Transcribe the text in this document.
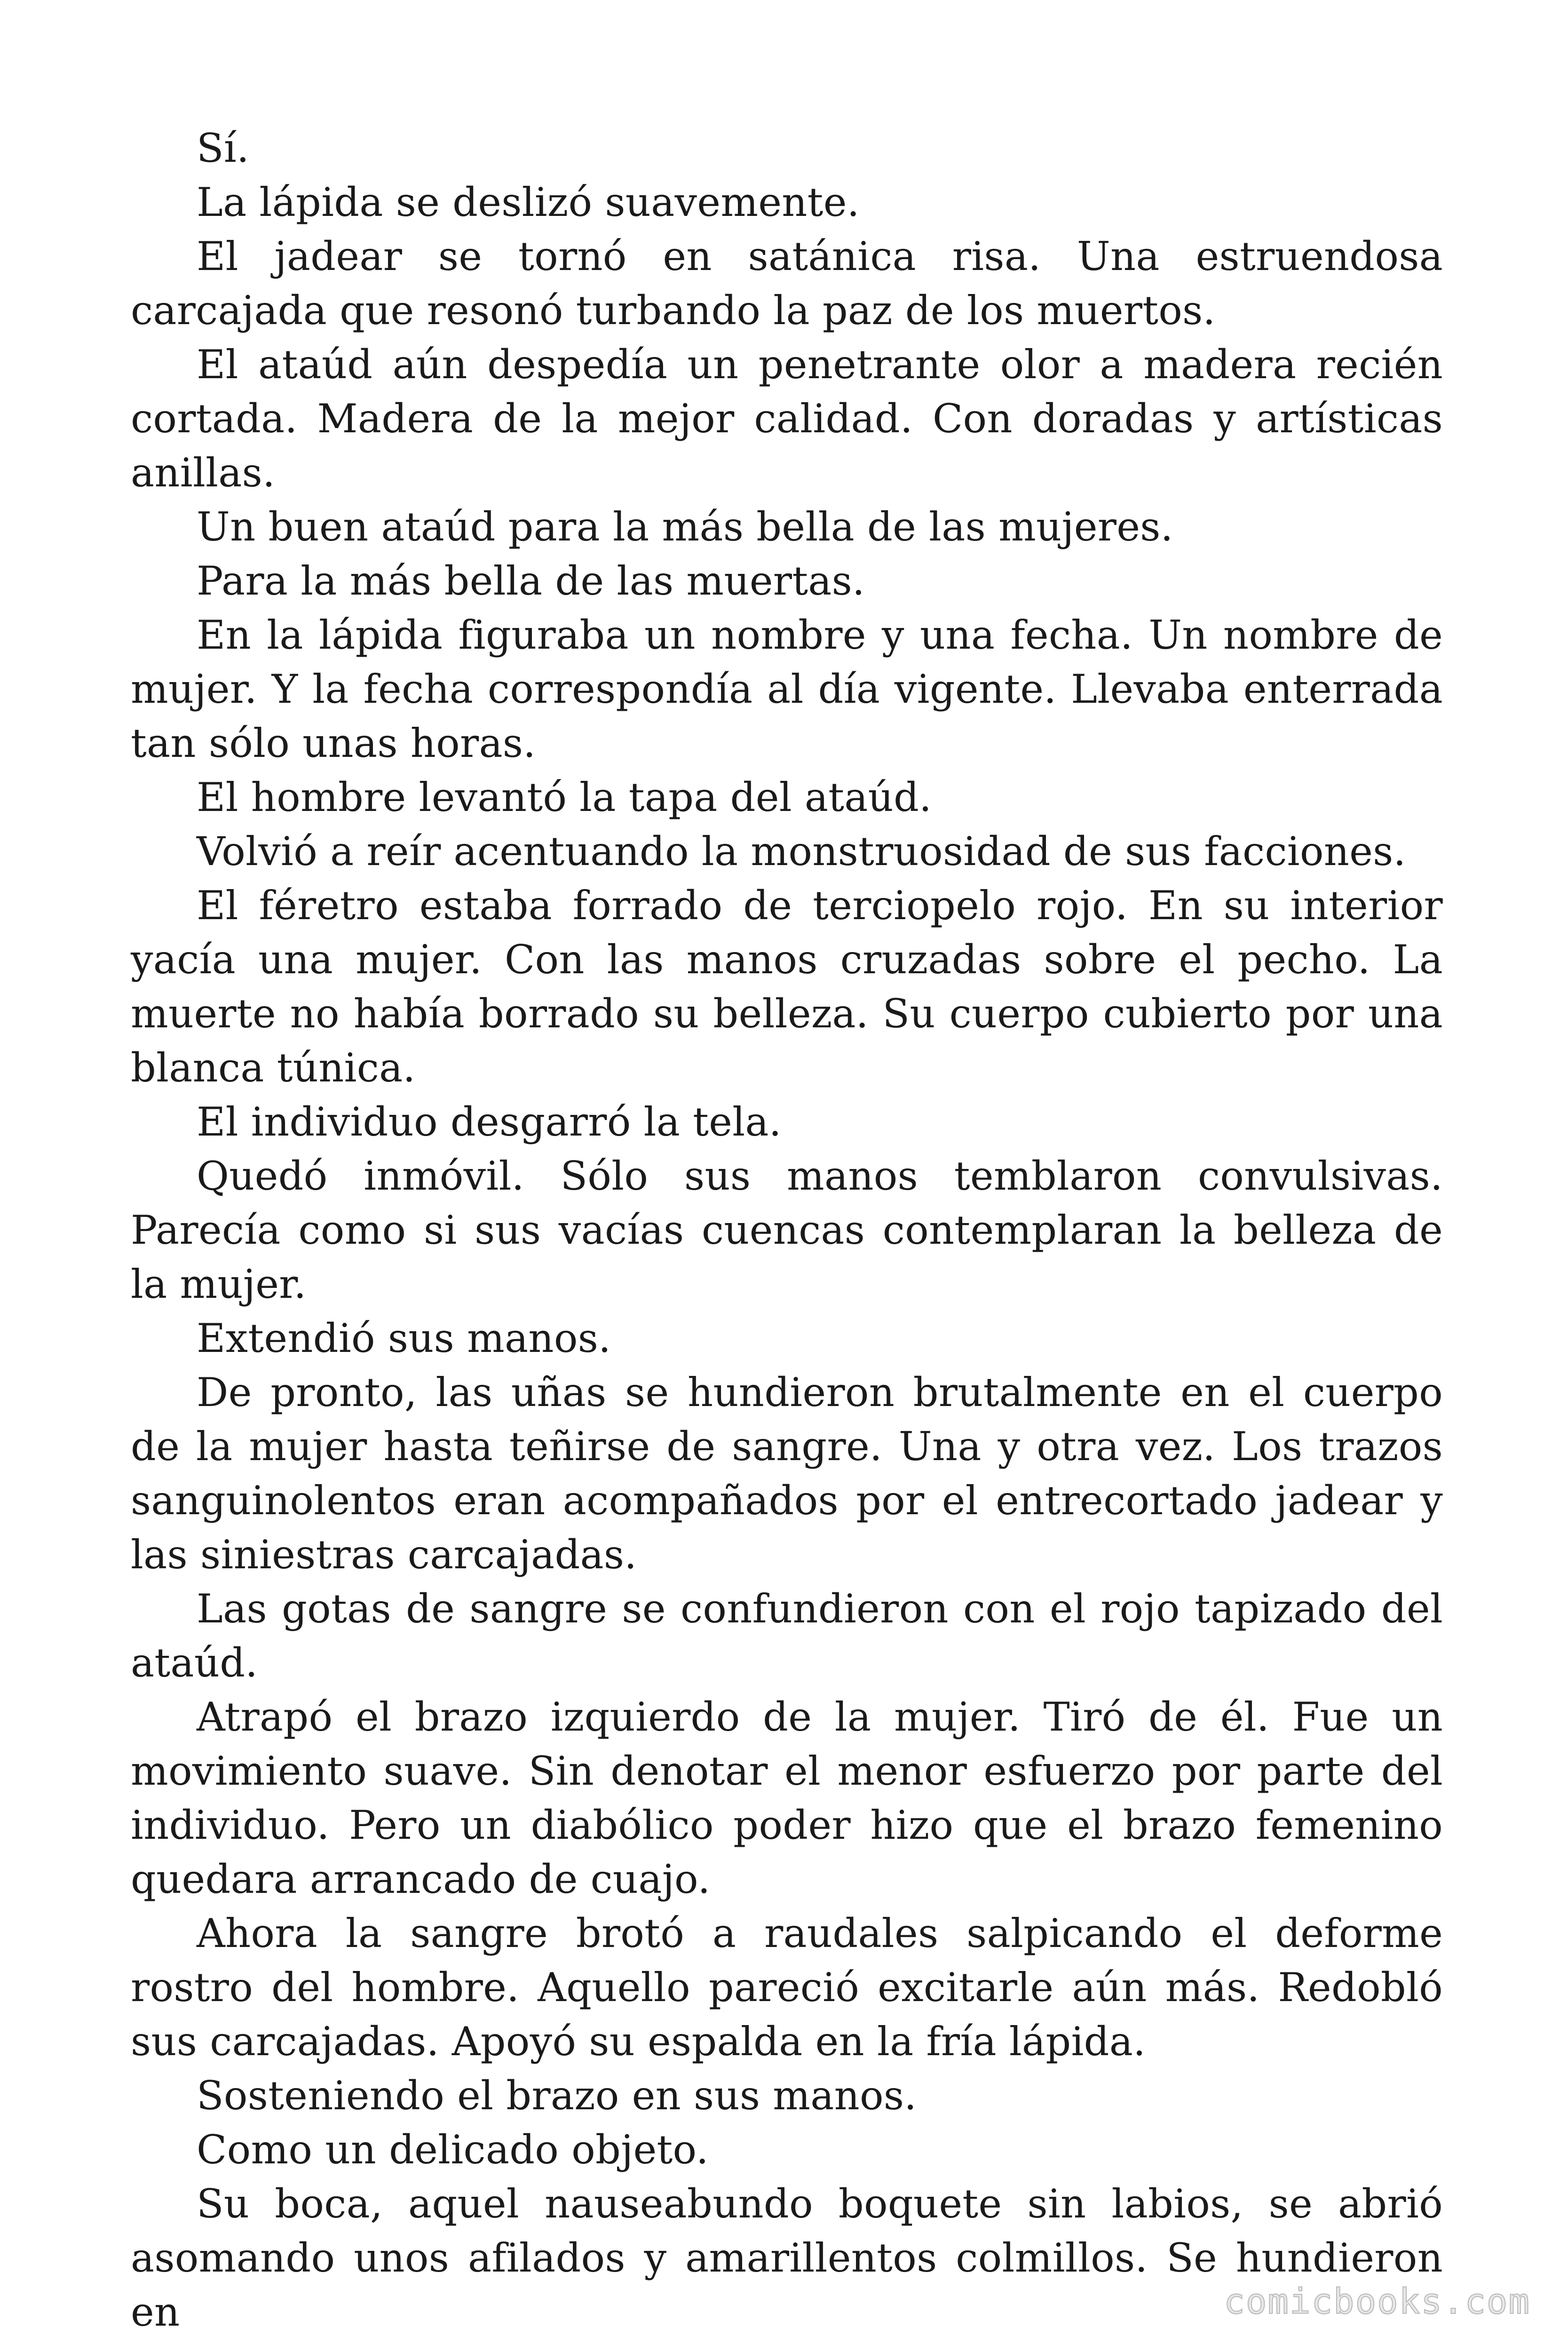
Sí.

La lápida se deslizó suavemente.

El jadear se tornó en satánica risa. Una estruendosa carcajada que resonó turbando la paz de los muertos.

El ataúd aún despedía un penetrante olor a madera recién cortada. Madera de la mejor calidad. Con doradas y artísticas anillas.

Un buen ataúd para la más bella de las mujeres.

Para la más bella de las muertas.

En la lápida figuraba un nombre y una fecha. Un nombre de mujer. Y la fecha correspondía al día vigente. Llevaba enterrada tan sólo unas horas.

El hombre levantó la tapa del ataúd.

Volvió a reír acentuando la monstruosidad de sus facciones.

El féretro estaba forrado de terciopelo rojo. En su interior yacía una mujer. Con las manos cruzadas sobre el pecho. La muerte no había borrado su belleza. Su cuerpo cubierto por una blanca túnica.

El individuo desgarró la tela.

Quedó inmóvil. Sólo sus manos temblaron convulsivas. Parecía como si sus vacías cuencas contemplaran la belleza de la mujer.

Extendió sus manos.

De pronto, las uñas se hundieron brutalmente en el cuerpo de la mujer hasta teñirse de sangre. Una y otra vez. Los trazos sanguinolentos eran acompañados por el entrecortado jadear y las siniestras carcajadas.

Las gotas de sangre se confundieron con el rojo tapizado del ataúd.

Atrapó el brazo izquierdo de la mujer. Tiró de él. Fue un movimiento suave. Sin denotar el menor esfuerzo por parte del individuo. Pero un diabólico poder hizo que el brazo femenino quedara arrancado de cuajo.

Ahora la sangre brotó a raudales salpicando el deforme rostro del hombre. Aquello pareció excitarle aún más. Redobló sus carcajadas. Apoyó su espalda en la fría lápida.

Sosteniendo el brazo en sus manos.

Como un delicado objeto.

Su boca, aquel nauseabundo boquete sin labios, se abrió asomando unos afilados y amarillentos colmillos. Se hundieron en	comicbooks.com
